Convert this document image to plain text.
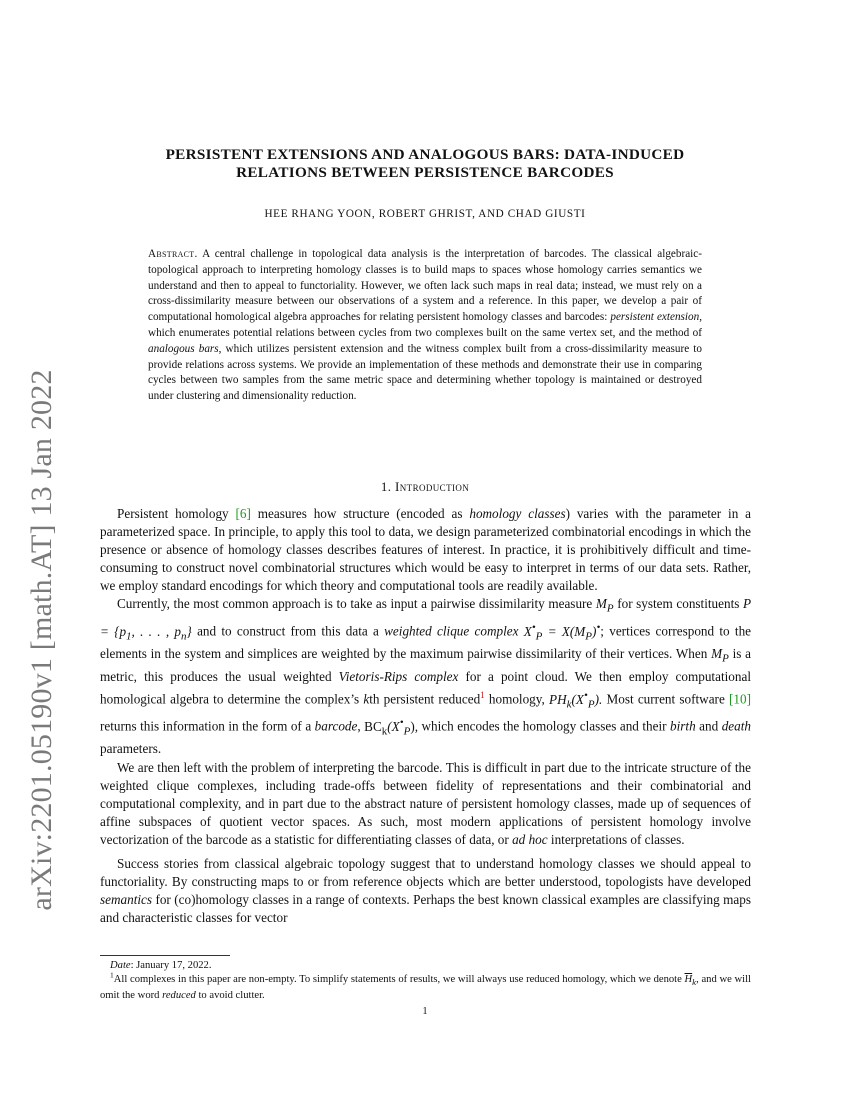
arXiv:2201.05190v1 [math.AT] 13 Jan 2022
PERSISTENT EXTENSIONS AND ANALOGOUS BARS: DATA-INDUCED
RELATIONS BETWEEN PERSISTENCE BARCODES
HEE RHANG YOON, ROBERT GHRIST, AND CHAD GIUSTI
Abstract. A central challenge in topological data analysis is the interpretation of barcodes. The classical algebraic-topological approach to interpreting homology classes is to build maps to spaces whose homology carries semantics we understand and then to appeal to functoriality. However, we often lack such maps in real data; instead, we must rely on a cross-dissimilarity measure between our observations of a system and a reference. In this paper, we develop a pair of computational homological algebra approaches for relating persistent homology classes and barcodes: persistent extension, which enumerates potential relations between cycles from two complexes built on the same vertex set, and the method of analogous bars, which utilizes persistent extension and the witness complex built from a cross-dissimilarity measure to provide relations across systems. We provide an implementation of these methods and demonstrate their use in comparing cycles between two samples from the same metric space and determining whether topology is maintained or destroyed under clustering and dimensionality reduction.
1. Introduction

Persistent homology [6] measures how structure (encoded as homology classes) varies with the parameter in a parameterized space. In principle, to apply this tool to data, we design parameterized combinatorial encodings in which the presence or absence of homology classes describes features of interest. In practice, it is prohibitively difficult and time-consuming to construct novel combinatorial structures which would be easy to interpret in terms of our data sets. Rather, we employ standard encodings for which theory and computational tools are readily available.

Currently, the most common approach is to take as input a pairwise dissimilarity measure $M_P$ for system constituents $P = \{p_1$, . . . , $p_n$} and to construct from this data a weighted clique complex $X^•_P = X(M_P)^•$; vertices correspond to the elements in the system and simplices are weighted by the maximum pairwise dissimilarity of their vertices. When $M_P$ is a metric, this produces the usual weighted Vietoris-Rips complex for a point cloud. We then employ computational homological algebra to determine the complex’s kth persistent reduced$^1$ homology, $PH_k(X^•_P)$. Most current software [10] returns this information in the form of a barcode, $BC_k(X^•_P)$, which encodes the homology classes and their birth and death parameters.

We are then left with the problem of interpreting the barcode. This is difficult in part due to the intricate structure of the weighted clique complexes, including trade-offs between fidelity of representations and their combinatorial and computational complexity, and in part due to the abstract nature of persistent homology classes, made up of sequences of affine subspaces of quotient vector spaces. As such, most modern applications of persistent homology involve vectorization of the barcode as a statistic for differentiating classes of data, or ad hoc interpretations of classes.

Success stories from classical algebraic topology suggest that to understand homology classes we should appeal to functoriality. By constructing maps to or from reference objects which are better understood, topologists have developed semantics for (co)homology classes in a range of contexts. Perhaps the best known classical examples are classifying maps and characteristic classes for vector

Date: January 17, 2022.

$^1$All complexes in this paper are non-empty. To simplify statements of results, we will always use reduced homology, which we denote $\overline{H}_k$, and we will omit the word reduced to avoid clutter.

1
